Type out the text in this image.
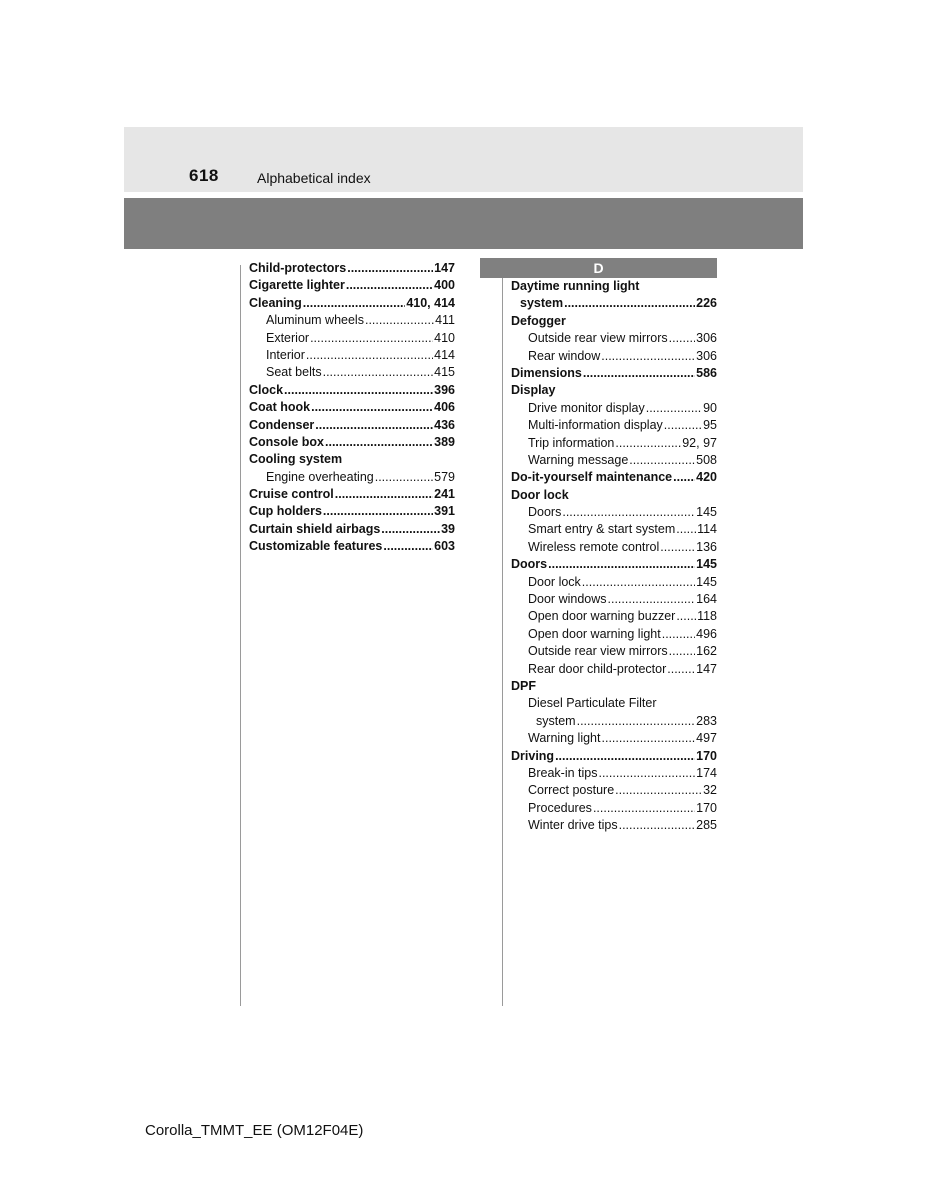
618	Alphabetical index
D
Child-protectors .....	147
Cigarette lighter .....	400
Cleaning .....	410, 414
Aluminum wheels .....	411
Exterior .....	410
Interior .....	414
Seat belts .....	415
Clock .....	396
Coat hook .....	406
Condenser .....	436
Console box .....	389
Cooling system
Engine overheating .....	579
Cruise control .....	241
Cup holders .....	391
Curtain shield airbags .....	39
Customizable features .....	603
Daytime running light
system .....	226
Defogger
Outside rear view mirrors ..... 306
Rear window .....	306
Dimensions .....	586
Display
Drive monitor display .....	90
Multi-information display .....	95
Trip information .....	92, 97
Warning message .....	508
Do-it-yourself maintenance ..... 420
Door lock
Doors .....	145
Smart entry & start system ..... 114
Wireless remote control .....	136
Doors .....	145
Door lock .....	145
Door windows .....	164
Open door warning buzzer ..... 118
Open door warning light .....	496
Outside rear view mirrors ..... 162
Rear door child-protector ..... 147
DPF
Diesel Particulate Filter
system .....	283
Warning light .....	497
Driving .....	170
Break-in tips .....	174
Correct posture .....	32
Procedures .....	170
Winter drive tips .....	285
Corolla_TMMT_EE (OM12F04E)
